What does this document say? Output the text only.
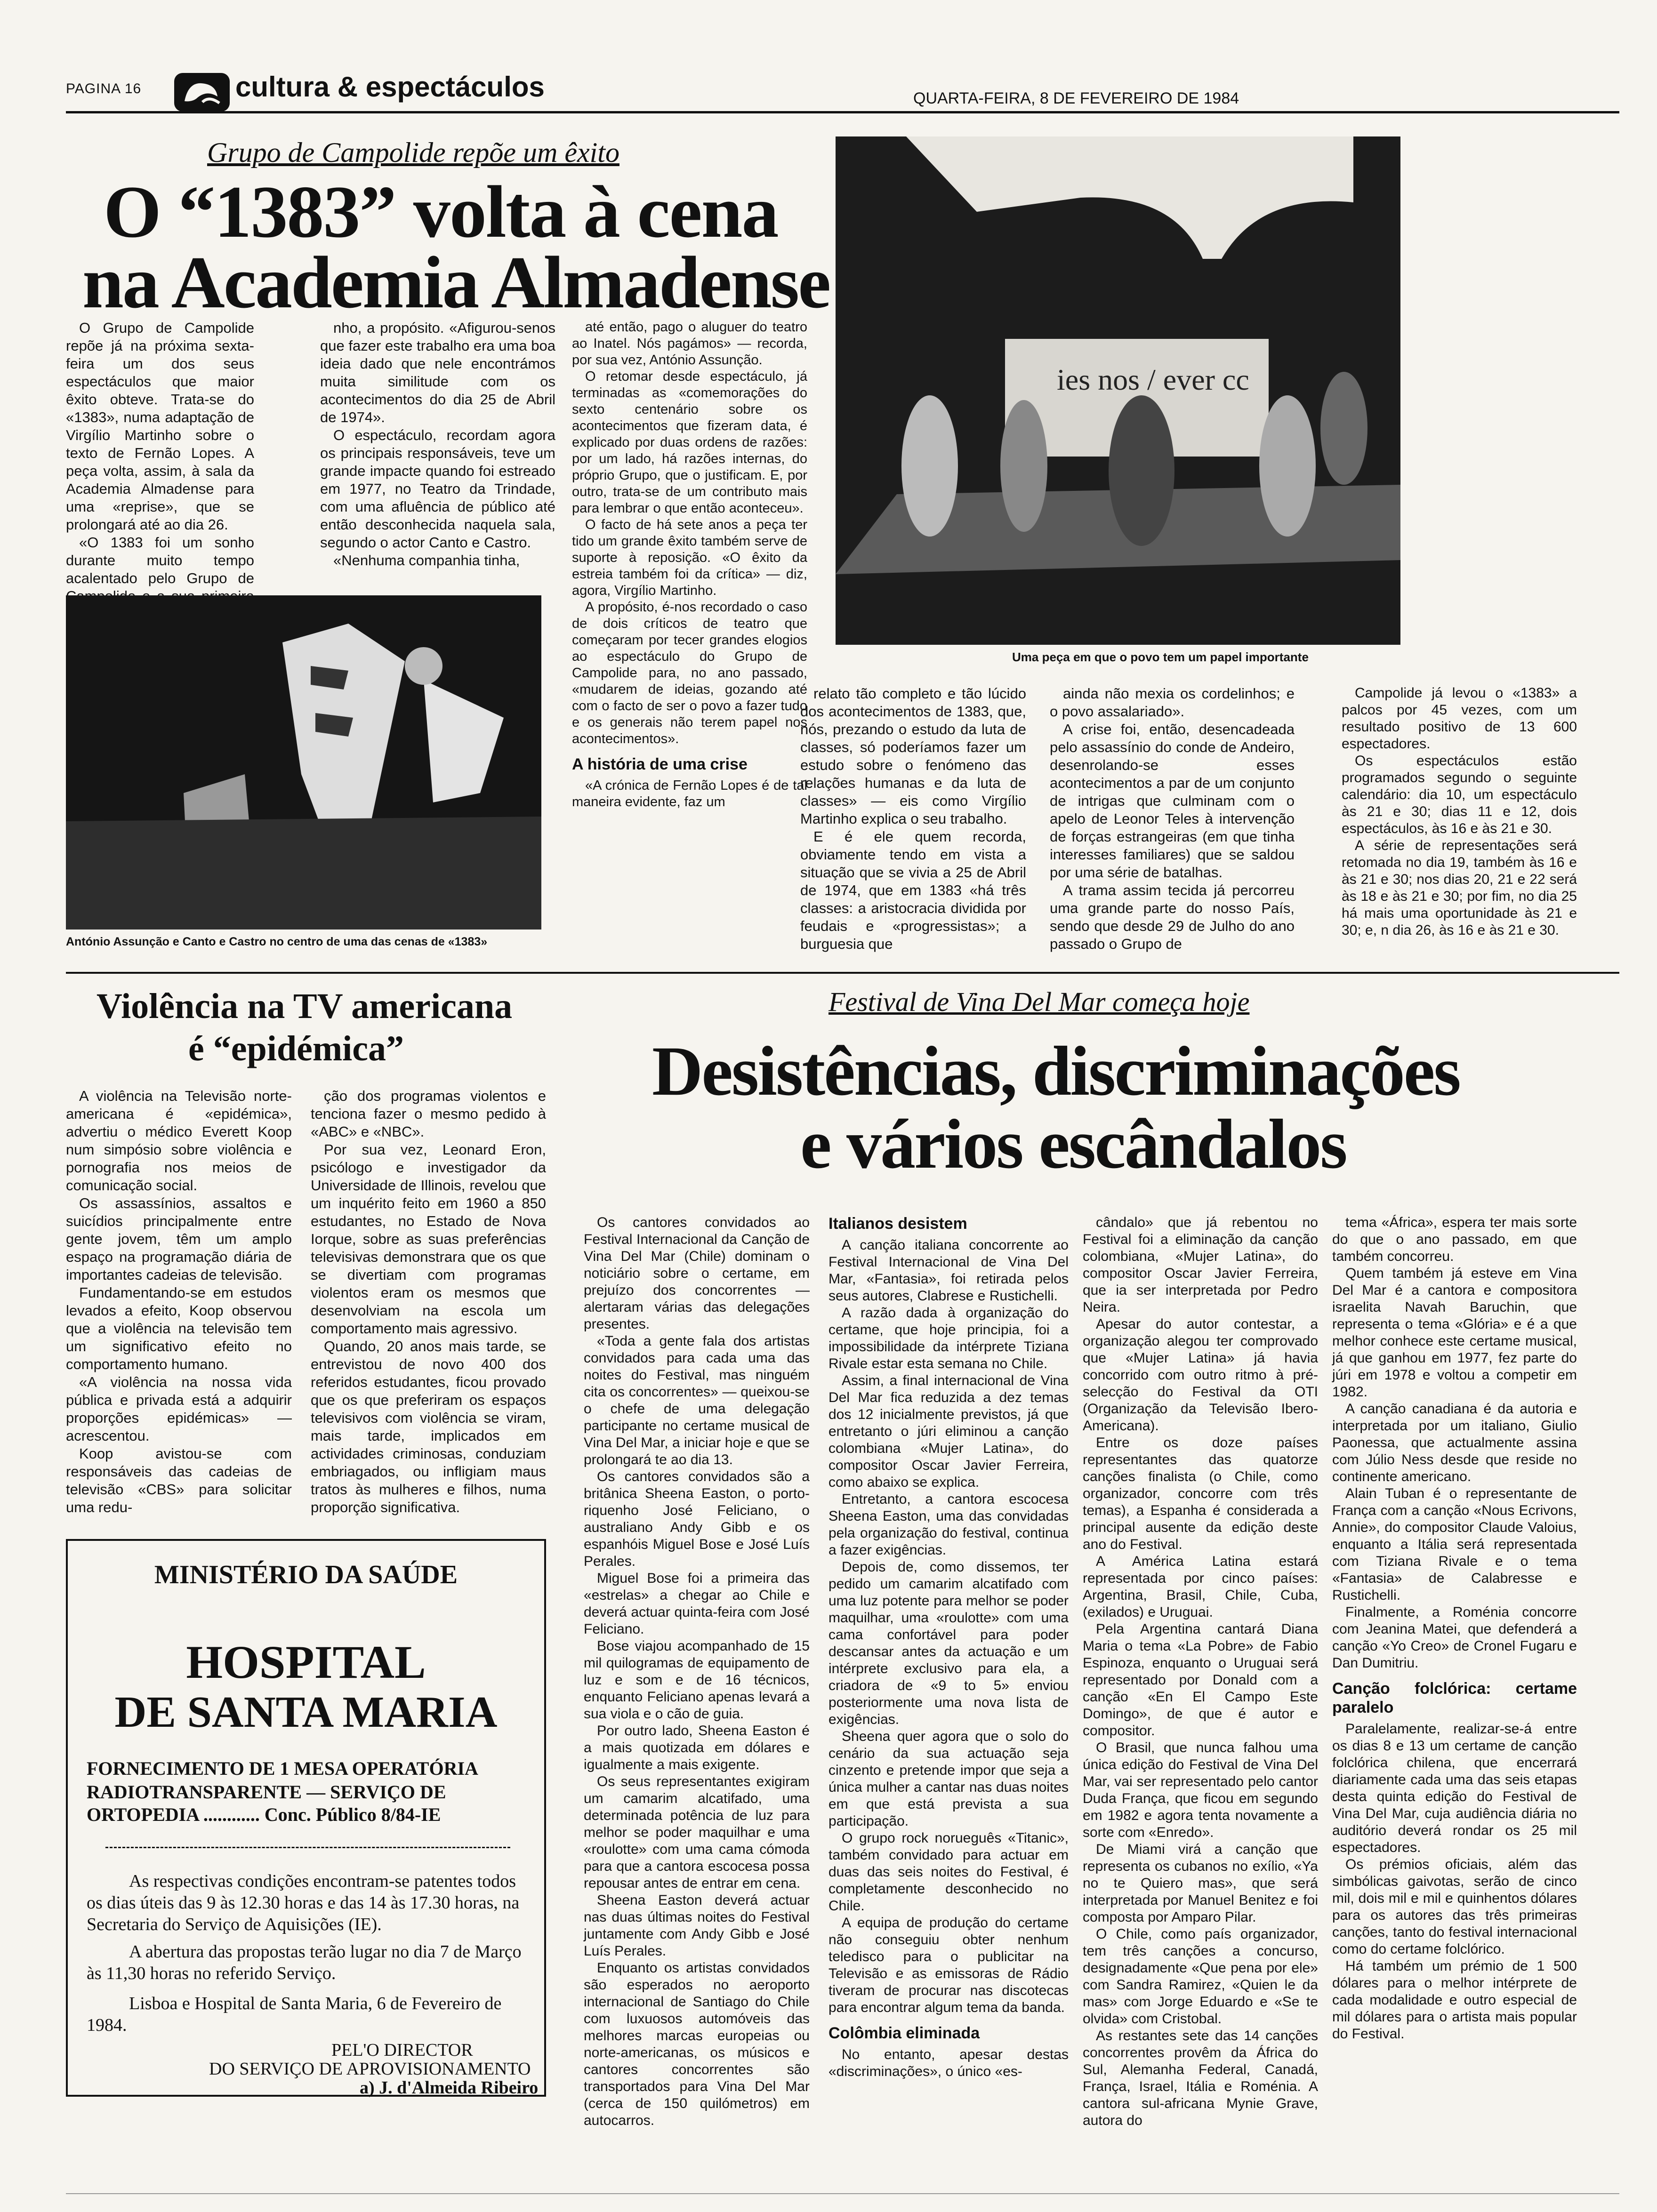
PAGINA 16	cultura & espectáculos	QUARTA-FEIRA, 8 DE FEVEREIRO DE 1984
Grupo de Campolide repõe um êxito
O “1383” volta à cena
na Academia Almadense

O Grupo de Campolide repõe já na próxima sexta-feira um dos seus espectáculos que maior êxito obteve. Trata-se do «1383», numa adaptação de Virgílio Martinho sobre o texto de Fernão Lopes. A peça volta, assim, à sala da Academia Almadense para uma «reprise», que se prolongará até ao dia 26.

«O 1383 foi um sonho durante muito tempo acalentado pelo Grupo de

nho, a propósito. «Afigurou-senos que fazer este trabalho era uma boa ideia dado que nele encontrámos muita similitude com os acontecimentos do dia 25 de Abril de 1974».

O espectáculo, recordam agora os principais responsáveis, teve um grande impacte quando foi estreado em 1977, no Teatro da Trindade, com uma afluência de público até então desconhecida naquela sala, segundo o actor Canto e Castro.

«Nenhuma companhia tinha,

até então, pago o aluguer do teatro ao Inatel. Nós pagámos» — recorda, por sua vez, António Assunção.

O retomar desde espectáculo, já terminadas as «comemorações do sexto centenário sobre os acontecimentos que fizeram data, é explicado por duas ordens de razões: por um lado, há razões internas, do próprio Grupo, que o justificam. E, por outro, trata-se de um contributo mais para lembrar o que então aconteceu».

O facto de há sete anos a peça ter tido um grande êxito também serve de suporte à reposição. «O êxito da estreia também foi da crítica» — diz, agora, Virgílio Martinho.

A propósito, é-nos recordado o caso de dois críticos de teatro que começaram por tecer grandes elogios ao espectáculo do Grupo de Campolide para, no ano passado, «mudarem de ideias, gozando até com o facto de ser o povo a fazer tudo e os generais não terem papel nos acontecimentos».

A história de uma crise

«A crónica de Fernão Lopes é de tal maneira evidente, faz um

ies nos / ever cc
Uma peça em que o povo tem um papel importante
António Assunção e Canto e Castro no centro de uma das cenas de «1383»

relato tão completo e tão lúcido dos acontecimentos de 1383, que, nós, prezando o estudo da luta de classes, só poderíamos fazer um estudo sobre o fenómeno das relações humanas e da luta de classes» — eis como Virgílio Martinho explica o seu trabalho.

E é ele quem recorda, obviamente tendo em vista a situação que se vivia a 25 de Abril de 1974, que em 1383 «há três classes: a aristocracia dividida por feudais e «progressistas»; a burguesia que

ainda não mexia os cordelinhos; e o povo assalariado».

A crise foi, então, desencadeada pelo assassínio do conde de Andeiro, desenrolando-se esses acontecimentos a par de um conjunto de intrigas que culminam com o apelo de Leonor Teles à intervenção de forças estrangeiras (em que tinha interesses familiares) que se saldou por uma série de batalhas.

A trama assim tecida já percorreu uma grande parte do nosso País, sendo que desde 29 de Julho do ano passado o Grupo de

Campolide já levou o «1383» a palcos por 45 vezes, com um resultado positivo de 13 600 espectadores.

Os espectáculos estão programados segundo o seguinte calendário: dia 10, um espectáculo às 21 e 30; dias 11 e 12, dois espectáculos, às 16 e às 21 e 30.

A série de representações será retomada no dia 19, também às 16 e às 21 e 30; nos dias 20, 21 e 22 será às 18 e às 21 e 30; por fim, no dia 25 há mais uma oportunidade às 21 e 30; e, n dia 26, às 16 e às 21 e 30.

Violência na TV americana
é “epidémica”

A violência na Televisão norte-americana é «epidémica», advertiu o médico Everett Koop num simpósio sobre violência e pornografia nos meios de comunicação social.

Os assassínios, assaltos e suicídios principalmente entre gente jovem, têm um amplo espaço na programação diária de importantes cadeias de televisão.

Fundamentando-se em estudos levados a efeito, Koop observou que a violência na televisão tem um significativo efeito no comportamento humano.

«A violência na nossa vida pública e privada está a adquirir proporções epidémicas» — acrescentou.

Koop avistou-se com responsáveis das cadeias de televisão «CBS» para solicitar uma redu-

ção dos programas violentos e tenciona fazer o mesmo pedido à «ABC» e «NBC».

Por sua vez, Leonard Eron, psicólogo e investigador da Universidade de Illinois, revelou que um inquérito feito em 1960 a 850 estudantes, no Estado de Nova Iorque, sobre as suas preferências televisivas demonstrara que os que se divertiam com programas violentos eram os mesmos que desenvolviam na escola um comportamento mais agressivo.

Quando, 20 anos mais tarde, se entrevistou de novo 400 dos referidos estudantes, ficou provado que os que preferiram os espaços televisivos com violência se viram, mais tarde, implicados em actividades criminosas, conduziam embriagados, ou infligiam maus tratos às mulheres e filhos, numa proporção significativa.

MINISTÉRIO DA SAÚDE
HOSPITAL
DE SANTA MARIA
FORNECIMENTO DE 1 MESA OPERATÓRIA
RADIOTRANSPARENTE — SERVIÇO DE ORTOPEDIA ............ Conc. Público 8/84-IE
As respectivas condições encontram-se patentes todos os dias úteis das 9 às 12.30 horas e das 14 às 17.30 horas, na Secretaria do Serviço de Aquisições (IE).
A abertura das propostas terão lugar no dia 7 de Março às 11,30 horas no referido Serviço.
Lisboa e Hospital de Santa Maria, 6 de Fevereiro de 1984.
PEL'O DIRECTOR
DO SERVIÇO DE APROVISIONAMENTO
a) J. d'Almeida Ribeiro
Festival de Vina Del Mar começa hoje
Desistências, discriminações
e vários escândalos

Os cantores convidados ao Festival Internacional da Canção de Vina Del Mar (Chile) dominam o noticiário sobre o certame, em prejuízo dos concorrentes — alertaram várias das delegações presentes.

«Toda a gente fala dos artistas convidados para cada uma das noites do Festival, mas ninguém cita os concorrentes» — queixou-se o chefe de uma delegação participante no certame musical de Vina Del Mar, a iniciar hoje e que se prolongará te ao dia 13.

Os cantores convidados são a britânica Sheena Easton, o porto-riquenho José Feliciano, o australiano Andy Gibb e os espanhóis Miguel Bose e José Luís Perales.

Miguel Bose foi a primeira das «estrelas» a chegar ao Chile e deverá actuar quinta-feira com José Feliciano.

Bose viajou acompanhado de 15 mil quilogramas de equipamento de luz e som e de 16 técnicos, enquanto Feliciano apenas levará a sua viola e o cão de guia.

Por outro lado, Sheena Easton é a mais quotizada em dólares e igualmente a mais exigente.

Os seus representantes exigiram um camarim alcatifado, uma determinada potência de luz para melhor se poder maquilhar e uma «roulotte» com uma cama cómoda para que a cantora escocesa possa repousar antes de entrar em cena.

Sheena Easton deverá actuar nas duas últimas noites do Festival juntamente com Andy Gibb e José Luís Perales.

Enquanto os artistas convidados são esperados no aeroporto internacional de Santiago do Chile com luxuosos automóveis das melhores marcas europeias ou norte-americanas, os músicos e cantores concorrentes são transportados para Vina Del Mar (cerca de 150 quilómetros) em autocarros.

Italianos desistem

A canção italiana concorrente ao Festival Internacional de Vina Del Mar, «Fantasia», foi retirada pelos seus autores, Clabrese e Rustichelli.

A razão dada à organização do certame, que hoje principia, foi a impossibilidade da intérprete Tiziana Rivale estar esta semana no Chile.

Assim, a final internacional de Vina Del Mar fica reduzida a dez temas dos 12 inicialmente previstos, já que entretanto o júri eliminou a canção colombiana «Mujer Latina», do compositor Oscar Javier Ferreira, como abaixo se explica.

Entretanto, a cantora escocesa Sheena Easton, uma das convidadas pela organização do festival, continua a fazer exigências.

Depois de, como dissemos, ter pedido um camarim alcatifado com uma luz potente para melhor se poder maquilhar, uma «roulotte» com uma cama confortável para poder descansar antes da actuação e um intérprete exclusivo para ela, a criadora de «9 to 5» enviou posteriormente uma nova lista de exigências.

Sheena quer agora que o solo do cenário da sua actuação seja cinzento e pretende impor que seja a única mulher a cantar nas duas noites em que está prevista a sua participação.

O grupo rock norueguês «Titanic», também convidado para actuar em duas das seis noites do Festival, é completamente desconhecido no Chile.

A equipa de produção do certame não conseguiu obter nenhum teledisco para o publicitar na Televisão e as emissoras de Rádio tiveram de procurar nas discotecas para encontrar algum tema da banda.

Colômbia eliminada

No entanto, apesar destas «discriminações», o único «es-

cândalo» que já rebentou no Festival foi a eliminação da canção colombiana, «Mujer Latina», do compositor Oscar Javier Ferreira, que ia ser interpretada por Pedro Neira.

Apesar do autor contestar, a organização alegou ter comprovado que «Mujer Latina» já havia concorrido com outro ritmo à pré-selecção do Festival da OTI (Organização da Televisão Ibero-Americana).

Entre os doze países representantes das quatorze canções finalista (o Chile, como organizador, concorre com três temas), a Espanha é considerada a principal ausente da edição deste ano do Festival.

A América Latina estará representada por cinco países: Argentina, Brasil, Chile, Cuba, (exilados) e Uruguai.

Pela Argentina cantará Diana Maria o tema «La Pobre» de Fabio Espinoza, enquanto o Uruguai será representado por Donald com a canção «En El Campo Este Domingo», de que é autor e compositor.

O Brasil, que nunca falhou uma única edição do Festival de Vina Del Mar, vai ser representado pelo cantor Duda França, que ficou em segundo em 1982 e agora tenta novamente a sorte com «Enredo».

De Miami virá a canção que representa os cubanos no exílio, «Ya no te Quiero mas», que será interpretada por Manuel Benitez e foi composta por Amparo Pilar.

O Chile, como país organizador, tem três canções a concurso, designadamente «Que pena por ele» com Sandra Ramirez, «Quien le da mas» com Jorge Eduardo e «Se te olvida» com Cristobal.

As restantes sete das 14 canções concorrentes provêm da África do Sul, Alemanha Federal, Canadá, França, Israel, Itália e Roménia. A cantora sul-africana Mynie Grave, autora do

tema «África», espera ter mais sorte do que o ano passado, em que também concorreu.

Quem também já esteve em Vina Del Mar é a cantora e compositora israelita Navah Baruchin, que representa o tema «Glória» e é a que melhor conhece este certame musical, já que ganhou em 1977, fez parte do júri em 1978 e voltou a competir em 1982.

A canção canadiana é da autoria e interpretada por um italiano, Giulio Paonessa, que actualmente assina com Júlio Ness desde que reside no continente americano.

Alain Tuban é o representante de França com a canção «Nous Ecrivons, Annie», do compositor Claude Valoius, enquanto a Itália será representada com Tiziana Rivale e o tema «Fantasia» de Calabresse e Rustichelli.

Finalmente, a Roménia concorre com Jeanina Matei, que defenderá a canção «Yo Creo» de Cronel Fugaru e Dan Dumitriu.

Canção folclórica: certame paralelo

Paralelamente, realizar-se-á entre os dias 8 e 13 um certame de canção folclórica chilena, que encerrará diariamente cada uma das seis etapas desta quinta edição do Festival de Vina Del Mar, cuja audiência diária no auditório deverá rondar os 25 mil espectadores.

Os prémios oficiais, além das simbólicas gaivotas, serão de cinco mil, dois mil e mil e quinhentos dólares para os autores das três primeiras canções, tanto do festival internacional como do certame folclórico.

Há também um prémio de 1 500 dólares para o melhor intérprete de cada modalidade e outro especial de mil dólares para o artista mais popular do Festival.
